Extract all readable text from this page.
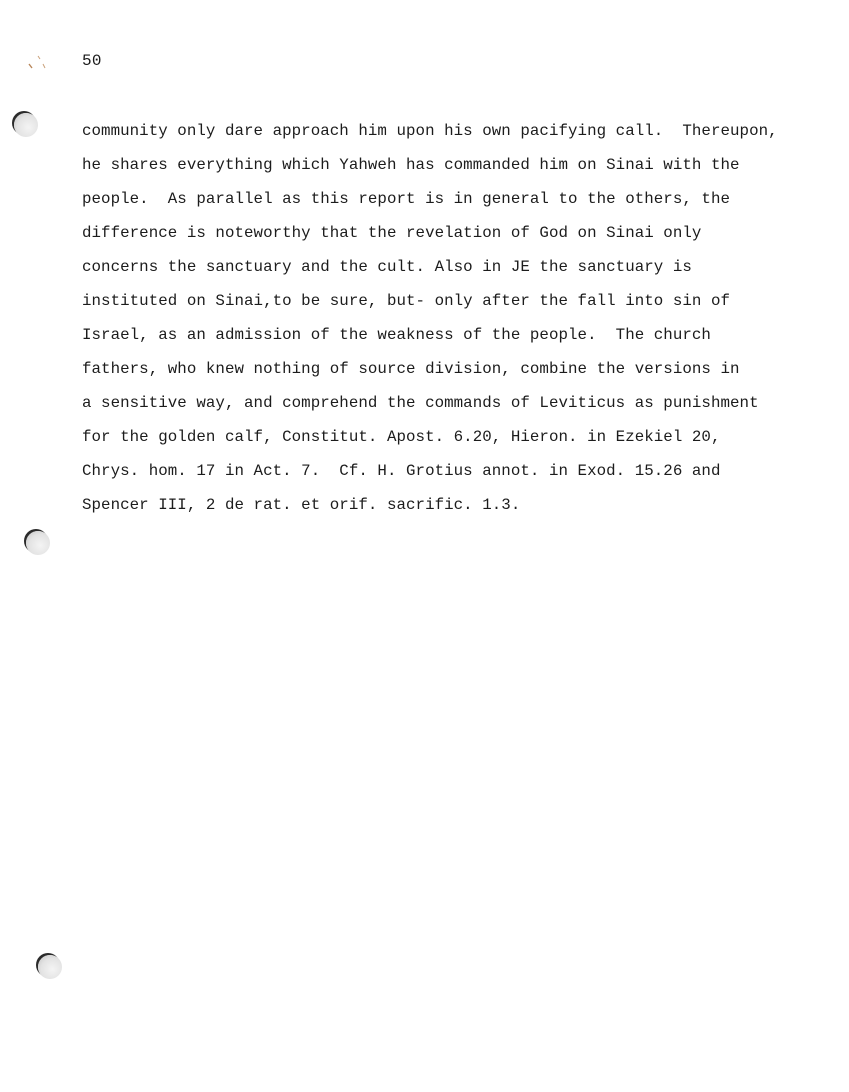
50
community only dare approach him upon his own pacifying call.  Thereupon,
he shares everything which Yahweh has commanded him on Sinai with the
people.  As parallel as this report is in general to the others, the
difference is noteworthy that the revelation of God on Sinai only
concerns the sanctuary and the cult. Also in JE the sanctuary is
instituted on Sinai,to be sure, but- only after the fall into sin of
Israel, as an admission of the weakness of the people.  The church
fathers, who knew nothing of source division, combine the versions in
a sensitive way, and comprehend the commands of Leviticus as punishment
for the golden calf, Constitut. Apost. 6.20, Hieron. in Ezekiel 20,
Chrys. hom. 17 in Act. 7.  Cf. H. Grotius annot. in Exod. 15.26 and
Spencer III, 2 de rat. et orif. sacrific. 1.3.
